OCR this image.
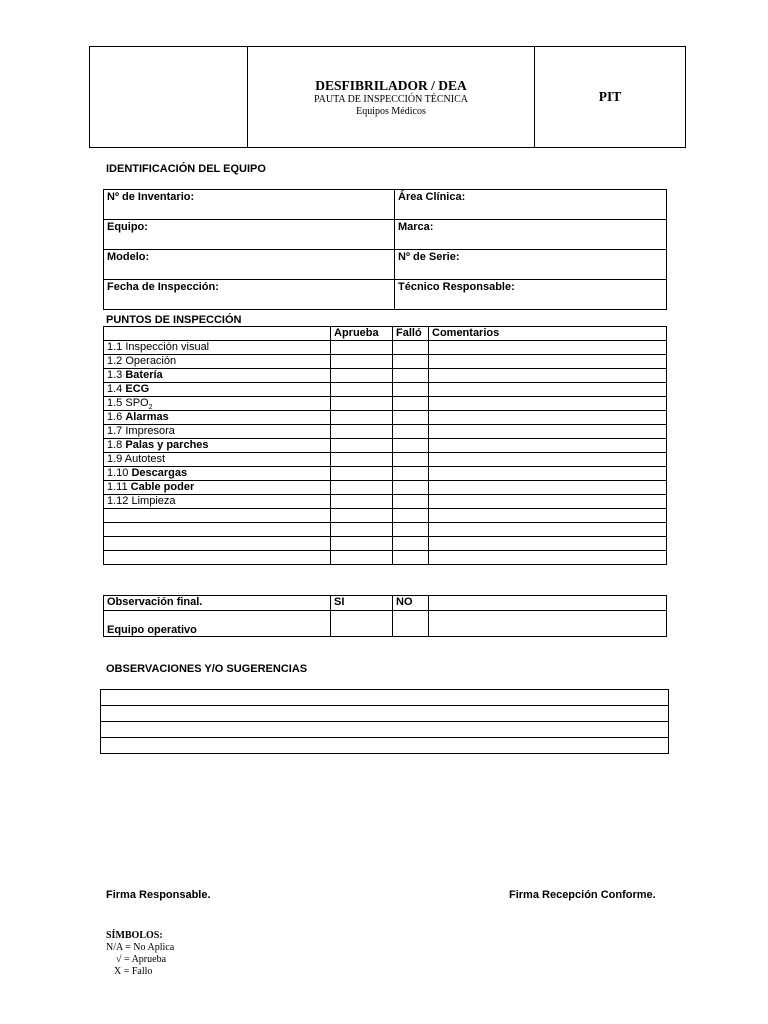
DESFIBRILADOR / DEA
PAUTA DE INSPECCIÓN TÉCNICA
Equipos Médicos
	PIT
IDENTIFICACIÓN DEL EQUIPO
Nº de Inventario:	Área Clínica:
Equipo:	Marca:
Modelo:	Nº de Serie:
Fecha de Inspección:	Técnico Responsable:
PUNTOS DE INSPECCIÓN
	Aprueba	Falló	Comentarios
1.1 Inspección visual			
1.2 Operación			
1.3 Batería			
1.4 ECG			
1.5 $SPO_2$			
1.6 Alarmas			
1.7 Impresora			
1.8 Palas y parches			
1.9 Autotest			
1.10 Descargas			
1.11 Cable poder			
1.12 Limpieza			

Observación final.	SI	NO	
Equipo operativo			
OBSERVACIONES Y/O SUGERENCIAS

Firma Responsable.	Firma Recepción Conforme.
SÍMBOLOS:
N/A = No Aplica
√ = Aprueba
X = Fallo
